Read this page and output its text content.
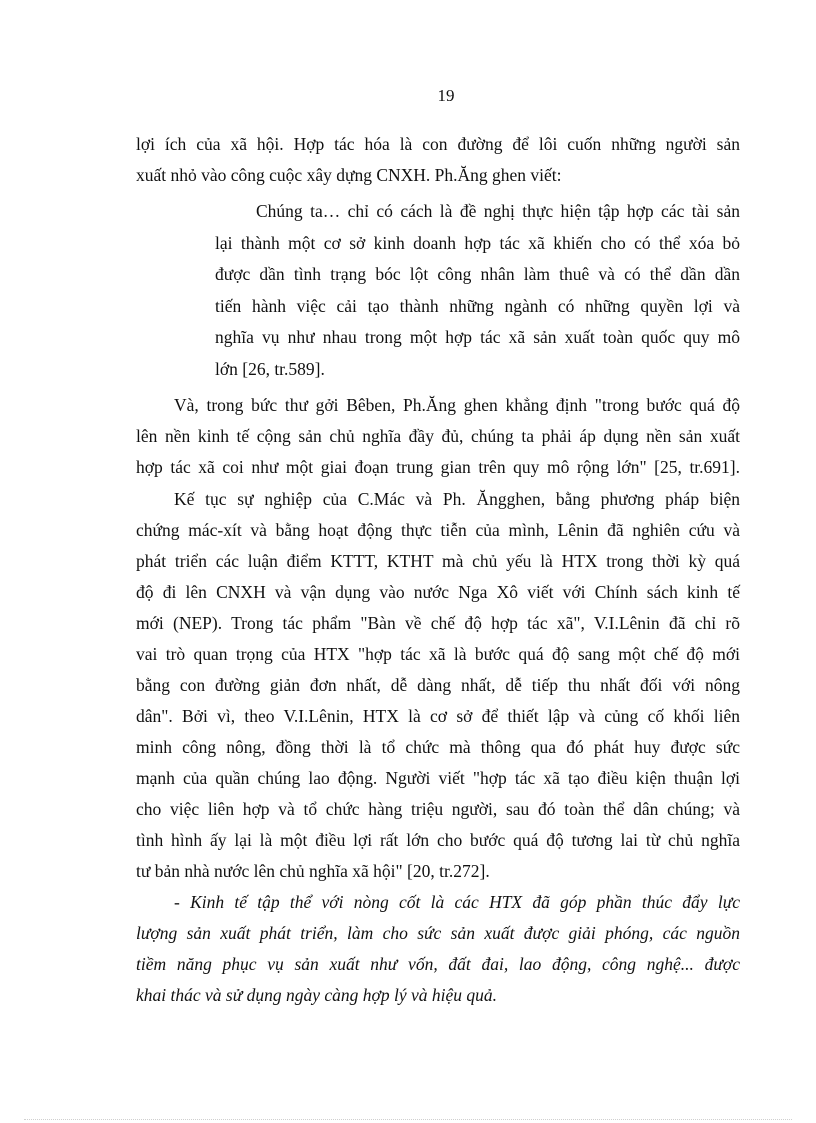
19
lợi ích của xã hội. Hợp tác hóa là con đường để lôi cuốn những người sản
xuất nhỏ vào công cuộc xây dựng CNXH. Ph.Ăng ghen viết:
Chúng ta… chỉ có cách là đề nghị thực hiện tập hợp các tài sản
lại thành một cơ sở kinh doanh hợp tác xã khiến cho có thể xóa bỏ
được dần tình trạng bóc lột công nhân làm thuê và có thể dần dần
tiến hành việc cải tạo thành những ngành có những quyền lợi và
nghĩa vụ như nhau trong một hợp tác xã sản xuất toàn quốc quy mô
lớn [26, tr.589].
Và, trong bức thư gởi Bêben, Ph.Ăng ghen khẳng định "trong bước quá độ
lên nền kinh tế cộng sản chủ nghĩa đầy đủ, chúng ta phải áp dụng nền sản xuất
hợp tác xã coi như một giai đoạn trung gian trên quy mô rộng lớn" [25, tr.691].
Kế tục sự nghiệp của C.Mác và Ph. Ăngghen, bằng phương pháp biện
chứng mác-xít và bằng hoạt động thực tiễn của mình, Lênin đã nghiên cứu và
phát triển các luận điểm KTTT, KTHT mà chủ yếu là HTX trong thời kỳ quá
độ đi lên CNXH và vận dụng vào nước Nga Xô viết với Chính sách kinh tế
mới (NEP). Trong tác phẩm "Bàn về chế độ hợp tác xã", V.I.Lênin đã chỉ rõ
vai trò quan trọng của HTX "hợp tác xã là bước quá độ sang một chế độ mới
bằng con đường giản đơn nhất, dễ dàng nhất, dễ tiếp thu nhất đối với nông
dân". Bởi vì, theo V.I.Lênin, HTX là cơ sở để thiết lập và củng cố khối liên
minh công nông, đồng thời là tổ chức mà thông qua đó phát huy được sức
mạnh của quần chúng lao động. Người viết "hợp tác xã tạo điều kiện thuận lợi
cho việc liên hợp và tổ chức hàng triệu người, sau đó toàn thể dân chúng; và
tình hình ấy lại là một điều lợi rất lớn cho bước quá độ tương lai từ chủ nghĩa
tư bản nhà nước lên chủ nghĩa xã hội" [20, tr.272].
- Kinh tế tập thể với nòng cốt là các HTX đã góp phần thúc đẩy lực
lượng sản xuất phát triển, làm cho sức sản xuất được giải phóng, các nguồn
tiềm năng phục vụ sản xuất như vốn, đất đai, lao động, công nghệ... được
khai thác và sử dụng ngày càng hợp lý và hiệu quả.
